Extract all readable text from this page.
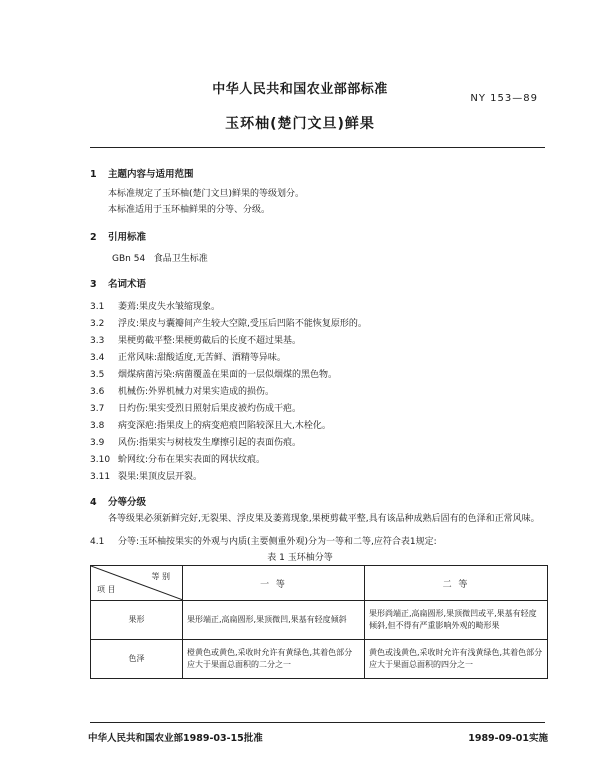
中华人民共和国农业部部标准
NY 153—89
玉环柚(楚门文旦)鲜果
1 主题内容与适用范围
本标准规定了玉环柚(楚门文旦)鲜果的等级划分。
本标准适用于玉环柚鲜果的分等、分级。
2 引用标准
GBn 54 食品卫生标准
3 名词术语
3.1 萎蔫:果皮失水皱缩现象。
3.2 浮皮:果皮与囊瓣间产生较大空隙,受压后凹陷不能恢复原形的。
3.3 果梗剪截平整:果梗剪截后的长度不超过果基。
3.4 正常风味:甜酸适度,无苦鲜、酒精等异味。
3.5 烟煤病菌污染:病菌覆盖在果面的一层似烟煤的黑色物。
3.6 机械伤:外界机械力对果实造成的损伤。
3.7 日灼伤:果实受烈日照射后果皮被灼伤成干疤。
3.8 病变深疤:指果皮上的病变疤痕凹陷较深且大,木栓化。
3.9 风伤:指果实与树枝发生摩擦引起的表面伤痕。
3.10 蚧网纹:分布在果实表面的网状纹痕。
3.11 裂果:果顶皮层开裂。
4 分等分级
各等级果必须新鲜完好,无裂果、浮皮果及萎蔫现象,果梗剪截平整,具有该品种成熟后固有的色泽和正常风味。
4.1 分等:玉环柚按果实的外观与内质(主要侧重外观)分为一等和二等,应符合表1规定:
表 1 玉环柚分等
等 别
项 目	一 等	二 等
果形	果形端正,高扁圆形,果顶微凹,果基有轻度倾斜	果形尚端正,高扁圆形,果顶微凹或平,果基有轻度倾斜,但不得有严重影响外观的畸形果
色泽	橙黄色或黄色,采收时允许有黄绿色,其着色部分应大于果面总面积的二分之一	黄色或浅黄色,采收时允许有浅黄绿色,其着色部分应大于果面总面积的四分之一
中华人民共和国农业部1989-03-15批准	1989-09-01实施
